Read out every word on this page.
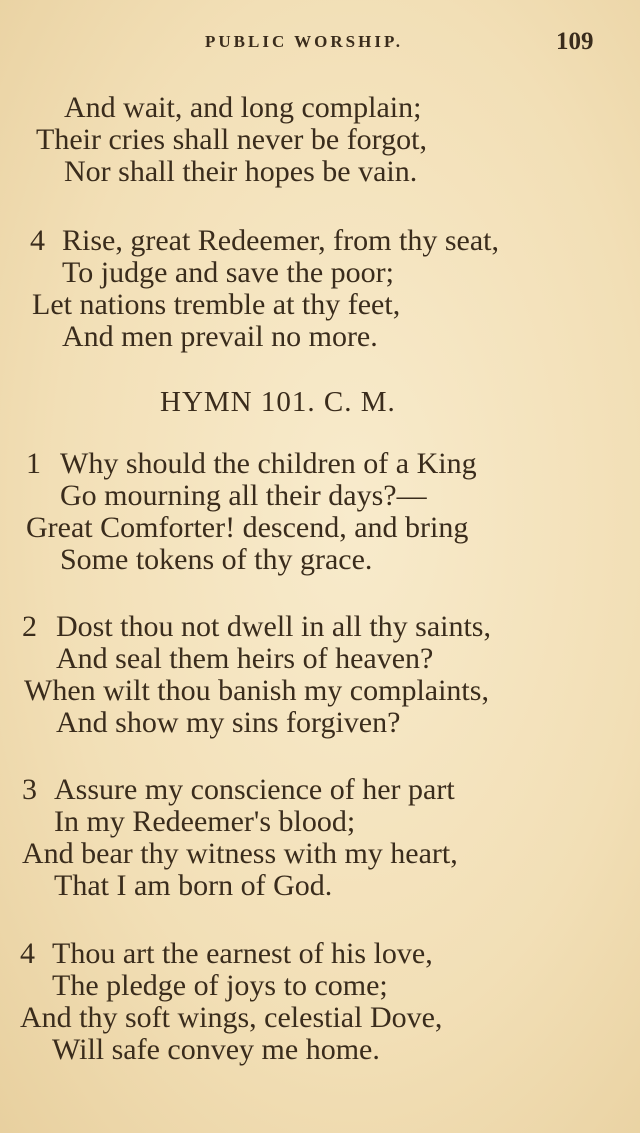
PUBLIC WORSHIP.	109
And wait, and long complain;
Their cries shall never be forgot,
Nor shall their hopes be vain.
4 Rise, great Redeemer, from thy seat,
To judge and save the poor;
Let nations tremble at thy feet,
And men prevail no more.
HYMN 101. C. M.
1 Why should the children of a King
Go mourning all their days?—
Great Comforter! descend, and bring
Some tokens of thy grace.
2 Dost thou not dwell in all thy saints,
And seal them heirs of heaven?
When wilt thou banish my complaints,
And show my sins forgiven?
3 Assure my conscience of her part
In my Redeemer's blood;
And bear thy witness with my heart,
That I am born of God.
4 Thou art the earnest of his love,
The pledge of joys to come;
And thy soft wings, celestial Dove,
Will safe convey me home.
